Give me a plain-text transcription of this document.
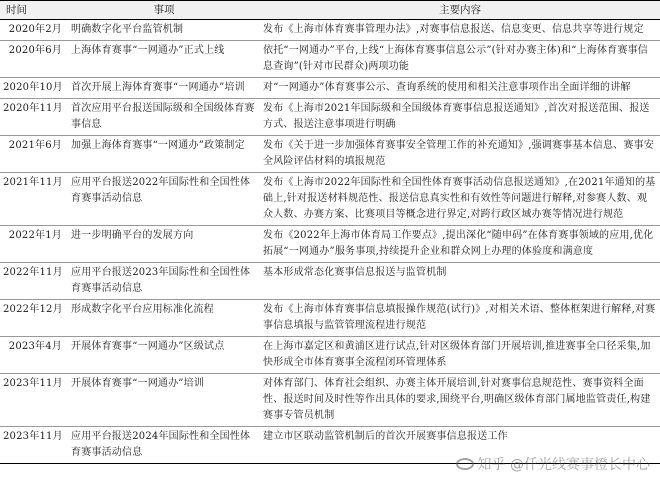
时间	事项	主要内容
2020年2月	明确数字化平台监管机制	发布《上海市体育赛事管理办法》,对赛事信息报送、信息变更、信息共享等进行规定
2020年6月	上海体育赛事“一网通办”正式上线	依托“一网通办”平台,上线“上海体育赛事信息公示”(针对办赛主体)和“上海体育赛事信息查询”(针对市民群众)两项功能
2020年10月	首次开展上海体育赛事“一网通办”培训	对“一网通办”体育赛事公示、查询系统的使用和相关注意事项作出全面详细的讲解
2020年11月	首次应用平台报送国际级和全国级体育赛事信息	发布《上海市2021年国际级和全国级体育赛事信息报送通知》,首次对报送范围、报送方式、报送注意事项进行明确
2021年6月	加强上海体育赛事“一网通办”政策制定	发布《关于进一步加强体育赛事安全管理工作的补充通知》,强调赛事基本信息、赛事安全风险评估材料的填报规范
2021年11月	应用平台报送2022年国际性和全国性体育赛事活动信息	发布《上海市2022年国际性和全国性体育赛事活动信息报送通知》,在2021年通知的基础上,针对报送材料规范性、报送信息真实性和有效性等问题进行解释,对参赛人数、观众人数、办赛方案、比赛项目等概念进行界定,对跨行政区域办赛等情况进行规范
2022年1月	进一步明确平台的发展方向	发布《2022年上海市体育局工作要点》,提出深化“随申码”在体育赛事领域的应用,优化拓展“一网通办”服务事项,持续提升企业和群众网上办理的体验度和满意度
2022年11月	应用平台报送2023年国际性和全国性体育赛事活动信息	基本形成常态化赛事信息报送与监管机制
2022年12月	形成数字化平台应用标准化流程	发布《上海市体育赛事信息填报操作规范(试行)》,对相关术语、整体框架进行解释,对赛事信息填报与监管管理流程进行规范
2023年4月	开展体育赛事“一网通办”区级试点	在上海市嘉定区和黄浦区进行试点,针对区级体育部门开展培训,推进赛事全口径采集,加快形成全市体育赛事全流程闭环管理体系
2023年11月	开展体育赛事“一网通办”培训	对体育部门、体育社会组织、办赛主体开展培训,针对赛事信息规范性、赛事资料全面性、报送时间及时性等作出具体的要求,围绕平台,明确区级体育部门属地监管责任,构建赛事专管员机制
2023年11月	应用平台报送2024年国际性和全国性体育赛事活动信息	建立市区联动监管机制后的首次开展赛事信息报送工作
知乎 @仟光线赛事橙长中心
